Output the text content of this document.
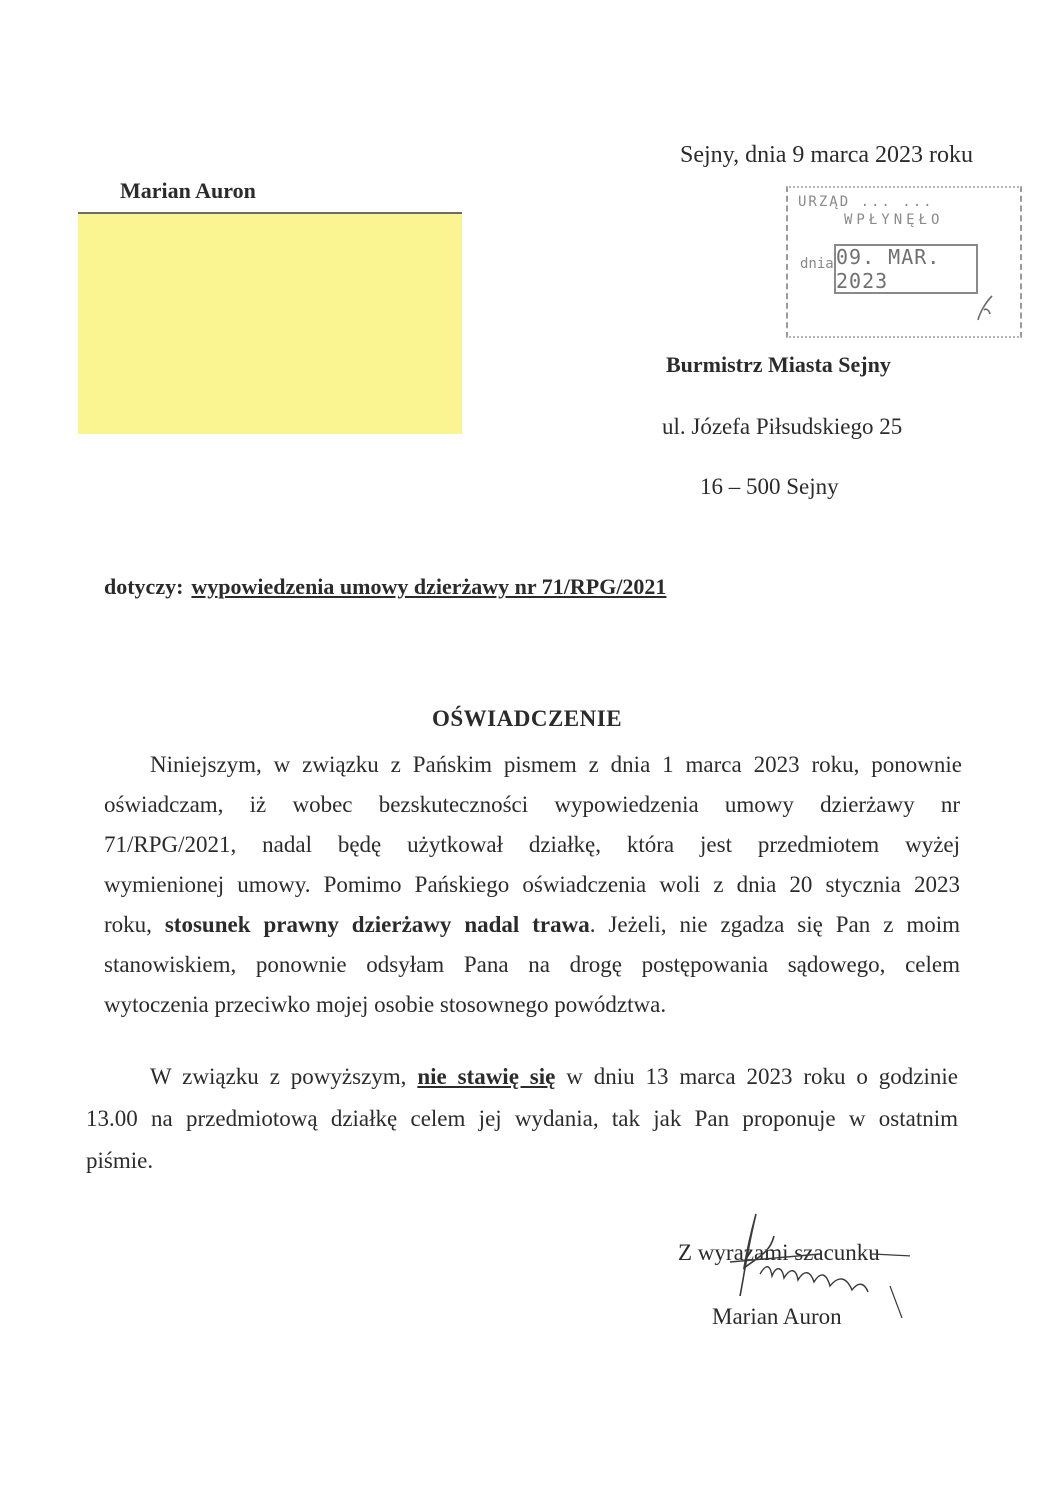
Sejny, dnia 9 marca 2023 roku
Marian Auron	URZĄD ... ...
WPŁYNĘŁO
dnia 09. MAR. 2023
Burmistrz Miasta Sejny
ul. Józefa Piłsudskiego 25
16 – 500 Sejny
dotyczy: wypowiedzenia umowy dzierżawy nr 71/RPG/2021
OŚWIADCZENIE
Niniejszym, w związku z Pańskim pismem z dnia 1 marca 2023 roku, ponownie
oświadczam, iż wobec bezskuteczności wypowiedzenia umowy dzierżawy nr
71/RPG/2021, nadal będę użytkował działkę, która jest przedmiotem wyżej
wymienionej umowy. Pomimo Pańskiego oświadczenia woli z dnia 20 stycznia 2023
roku, stosunek prawny dzierżawy nadal trawa. Jeżeli, nie zgadza się Pan z moim
stanowiskiem, ponownie odsyłam Pana na drogę postępowania sądowego, celem
wytoczenia przeciwko mojej osobie stosownego powództwa.
W związku z powyższym, nie stawię się w dniu 13 marca 2023 roku o godzinie
13.00 na przedmiotową działkę celem jej wydania, tak jak Pan proponuje w ostatnim
piśmie.
Z wyrazami szacunku
Marian Auron
